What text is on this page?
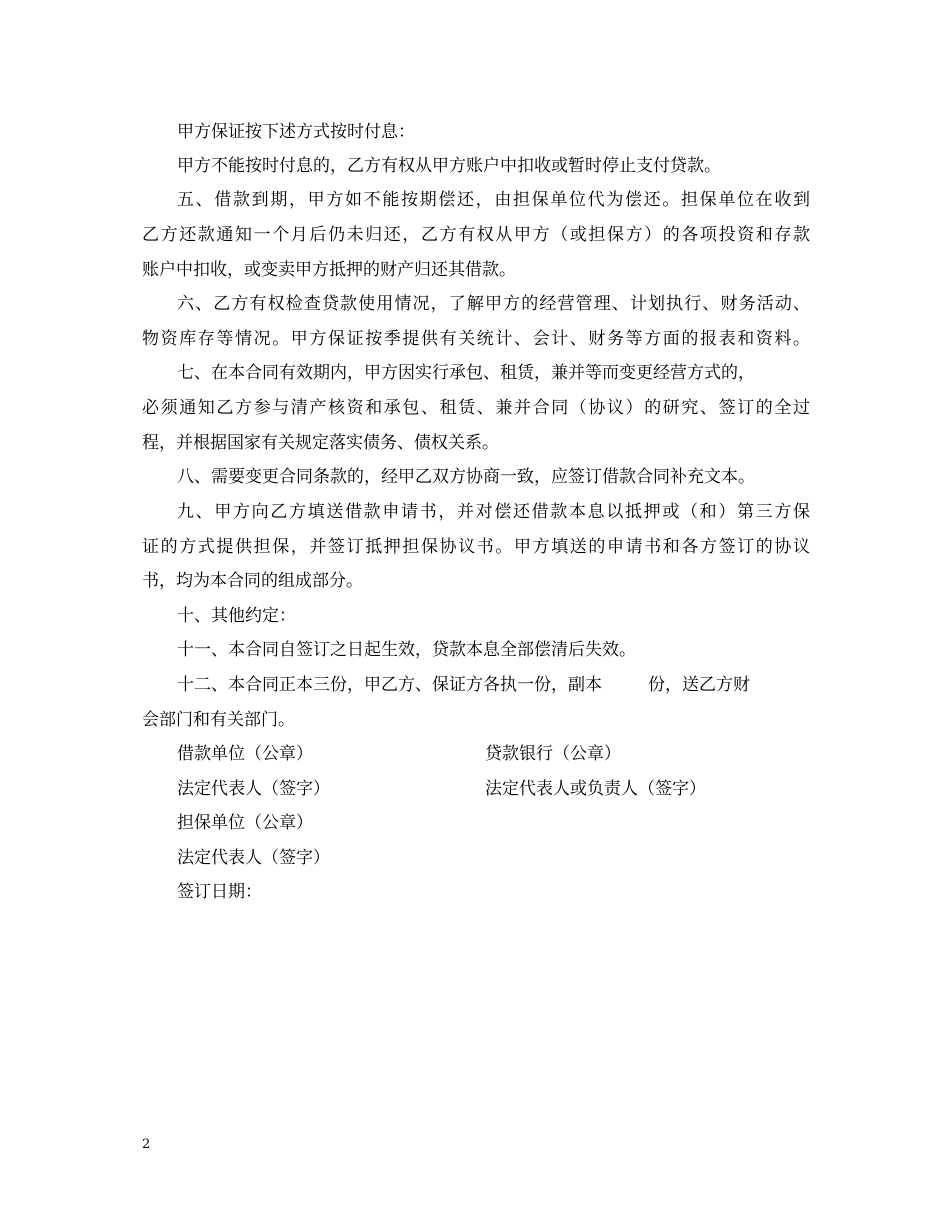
甲方保证按下述方式按时付息：
甲方不能按时付息的，乙方有权从甲方账户中扣收或暂时停止支付贷款。
五、借款到期，甲方如不能按期偿还，由担保单位代为偿还。担保单位在收到
乙方还款通知一个月后仍未归还，乙方有权从甲方（或担保方）的各项投资和存款
账户中扣收，或变卖甲方抵押的财产归还其借款。
六、乙方有权检查贷款使用情况，了解甲方的经营管理、计划执行、财务活动、
物资库存等情况。甲方保证按季提供有关统计、会计、财务等方面的报表和资料。
七、在本合同有效期内，甲方因实行承包、租赁，兼并等而变更经营方式的，
必须通知乙方参与清产核资和承包、租赁、兼并合同（协议）的研究、签订的全过
程，并根据国家有关规定落实债务、债权关系。
八、需要变更合同条款的，经甲乙双方协商一致，应签订借款合同补充文本。
九、甲方向乙方填送借款申请书，并对偿还借款本息以抵押或（和）第三方保
证的方式提供担保，并签订抵押担保协议书。甲方填送的申请书和各方签订的协议
书，均为本合同的组成部分。
十、其他约定：
十一、本合同自签订之日起生效，贷款本息全部偿清后失效。
十二、本合同正本三份，甲乙方、保证方各执一份，副本	份，送乙方财
会部门和有关部门。
借款单位（公章）	贷款银行（公章）
法定代表人（签字）	法定代表人或负责人（签字）
担保单位（公章）
法定代表人（签字）
签订日期：
2
